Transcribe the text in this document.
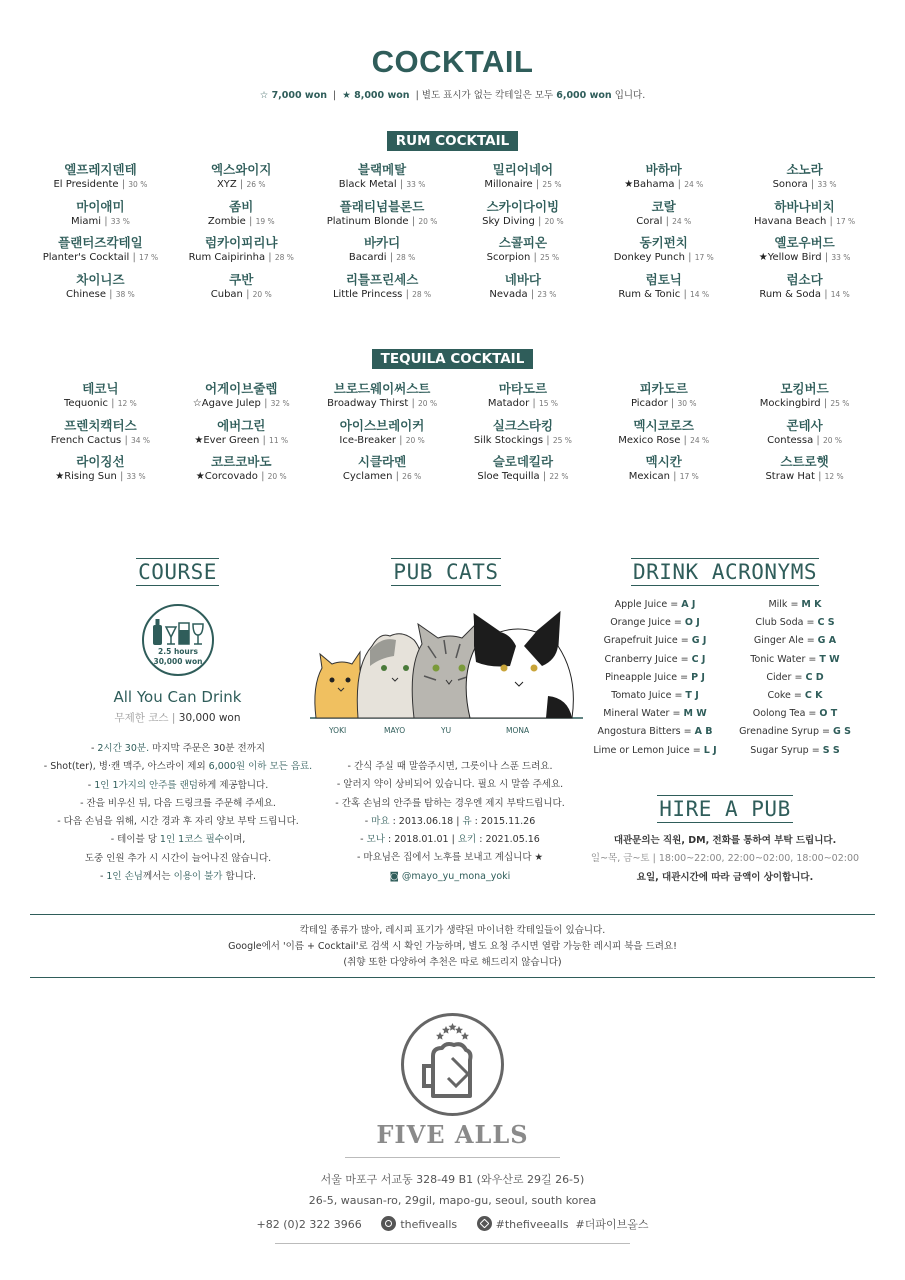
COCKTAIL
☆ 7,000 won  |  ★ 8,000 won | 별도 표시가 없는 칵테일은 모두 6,000 won 입니다.
RUM COCKTAIL
엘프레지덴테
El Presidente | 30 %
엑스와이지
XYZ | 26 %
블랙메탈
Black Metal | 33 %
밀리어네어
Millonaire | 25 %
바하마
★Bahama | 24 %
소노라
Sonora | 33 %
마이애미
Miami | 33 %
좀비
Zombie | 19 %
플래티넘블론드
Platinum Blonde | 20 %
스카이다이빙
Sky Diving | 20 %
코랄
Coral | 24 %
하바나비치
Havana Beach | 17 %
플랜터즈칵테일
Planter's Cocktail | 17 %
럼카이피리냐
Rum Caipirinha | 28 %
바카디
Bacardi | 28 %
스콜피온
Scorpion | 25 %
동키펀치
Donkey Punch | 17 %
옐로우버드
★Yellow Bird | 33 %
차이니즈
Chinese | 38 %
쿠반
Cuban | 20 %
리틀프린세스
Little Princess | 28 %
네바다
Nevada | 23 %
럼토닉
Rum & Tonic | 14 %
럼소다
Rum & Soda | 14 %
TEQUILA COCKTAIL
테코닉
Tequonic | 12 %
어게이브줄렙
☆Agave Julep | 32 %
브로드웨이써스트
Broadway Thirst | 20 %
마타도르
Matador | 15 %
피카도르
Picador | 30 %
모킹버드
Mockingbird | 25 %
프렌치캑터스
French Cactus | 34 %
에버그린
★Ever Green | 11 %
아이스브레이커
Ice-Breaker | 20 %
실크스타킹
Silk Stockings | 25 %
멕시코로즈
Mexico Rose | 24 %
콘테사
Contessa | 20 %
라이징선
★Rising Sun | 33 %
코르코바도
★Corcovado | 20 %
시클라멘
Cyclamen | 26 %
슬로데킬라
Sloe Tequilla | 22 %
멕시칸
Mexican | 17 %
스트로햇
Straw Hat | 12 %
COURSE
2.5 hours
30,000 won
All You Can Drink
무제한 코스 | 30,000 won
- 2시간 30분. 마지막 주문은 30분 전까지
- Shot(ter), 병·캔 맥주, 아스라이 제외 6,000원 이하 모든 음료.
- 1인 1가지의 안주를 랜덤하게 제공합니다.
- 잔을 비우신 뒤, 다음 드링크를 주문해 주세요.
- 다음 손님을 위해, 시간 경과 후 자리 양보 부탁 드립니다.
- 테이블 당 1인 1코스 필수이며,
도중 인원 추가 시 시간이 늘어나진 않습니다.
- 1인 손님께서는 이용이 불가 합니다.
PUB CATS
YOKI	MAYO	YU	MONA
- 간식 주실 때 말씀주시면, 그릇이나 스푼 드려요.
- 알러지 약이 상비되어 있습니다. 필요 시 말씀 주세요.
- 간혹 손님의 안주를 탐하는 경우엔 제지 부탁드립니다.
- 마요 : 2013.06.18 | 유 : 2015.11.26
- 모나 : 2018.01.01 | 요키 : 2021.05.16
- 마요님은 집에서 노후를 보내고 계십니다 ★
◙ @mayo_yu_mona_yoki
DRINK ACRONYMS
Apple Juice = A J	Milk = M K
Orange Juice = O J	Club Soda = C S
Grapefruit Juice = G J	Ginger Ale = G A
Cranberry Juice = C J	Tonic Water = T W
Pineapple Juice = P J	Cider = C D
Tomato Juice = T J	Coke = C K
Mineral Water = M W	Oolong Tea = O T
Angostura Bitters = A B	Grenadine Syrup = G S
Lime or Lemon Juice = L J	Sugar Syrup = S S
HIRE A PUB
대관문의는 직원, DM, 전화를 통하여 부탁 드립니다.
일~목, 금~토 | 18:00~22:00, 22:00~02:00, 18:00~02:00
요일, 대관시간에 따라 금액이 상이합니다.
칵테일 종류가 많아, 레시피 표기가 생략된 마이너한 칵테일들이 있습니다.
Google에서 '이름 + Cocktail'로 검색 시 확인 가능하며, 별도 요청 주시면 열람 가능한 레시피 북을 드려요!
(취향 또한 다양하여 추천은 따로 해드리지 않습니다)
FIVE ALLS
서울 마포구 서교동 328-49 B1 (와우산로 29길 26-5)
26-5, wausan-ro, 29gil, mapo-gu, seoul, south korea
+82 (0)2 322 3966	thefivealls	#thefiveealls #더파이브올스
